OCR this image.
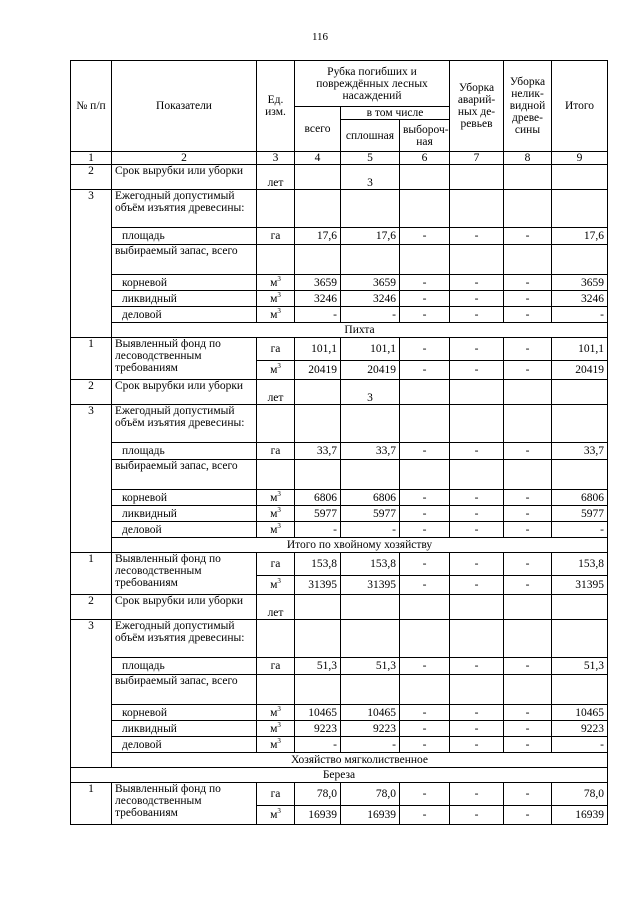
116
№ п/п	Показатели	Ед. изм.	Рубка погибших и повреждённых лесных насаждений			Уборка аварий-ных де-ревьев	Уборка нелик-видной древе-сины	Итого
			всего	в том числе				
				сплошная	выбороч-ная			
1	2	3	4	5	6	7	8	9
2	Срок вырубки или уборки	лет		3				
3	Ежегодный допустимый объём изъятия древесины:							
	площадь	га	17,6	17,6	-	-	-	17,6
	выбираемый запас, всего							
	корневой	$м^3$	3659	3659	-	-	-	3659
	ликвидный	$м^3$	3246	3246	-	-	-	3246
	деловой	$м^3$	-	-	-	-	-	-
	Пихта							
1	Выявленный фонд по лесоводственным требованиям	га	101,1	101,1	-	-	-	101,1
		$м^3$	20419	20419	-	-	-	20419
2	Срок вырубки или уборки	лет		3				
3	Ежегодный допустимый объём изъятия древесины:							
	площадь	га	33,7	33,7	-	-	-	33,7
	выбираемый запас, всего							
	корневой	$м^3$	6806	6806	-	-	-	6806
	ликвидный	$м^3$	5977	5977	-	-	-	5977
	деловой	$м^3$	-	-	-	-	-	-
	Итого по хвойному хозяйству							
1	Выявленный фонд по лесоводственным требованиям	га	153,8	153,8	-	-	-	153,8
		$м^3$	31395	31395	-	-	-	31395
2	Срок вырубки или уборки	лет						
3	Ежегодный допустимый объём изъятия древесины:							
	площадь	га	51,3	51,3	-	-	-	51,3
	выбираемый запас, всего							
	корневой	$м^3$	10465	10465	-	-	-	10465
	ликвидный	$м^3$	9223	9223	-	-	-	9223
	деловой	$м^3$	-	-	-	-	-	-
	Хозяйство мягколиственное							
Береза								
1	Выявленный фонд по лесоводственным требованиям	га	78,0	78,0	-	-	-	78,0
		$м^3$	16939	16939	-	-	-	16939
